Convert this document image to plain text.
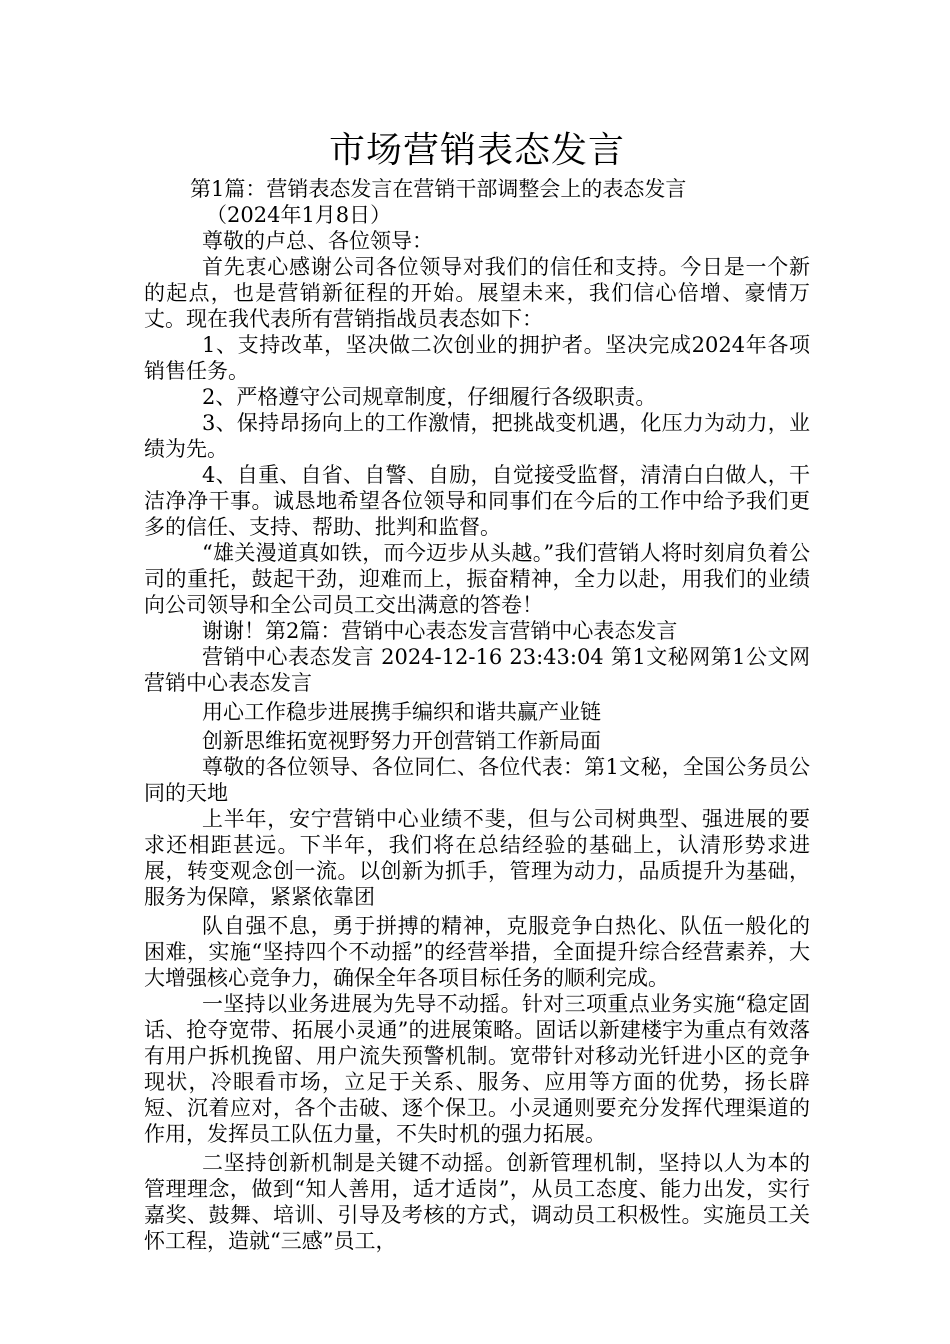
市场营销表态发言

第1篇：营销表态发言在营销干部调整会上的表态发言

（2024年1月8日）

尊敬的卢总、各位领导：

首先衷心感谢公司各位领导对我们的信任和支持。今日是一个新的起点，也是营销新征程的开始。展望未来，我们信心倍增、豪情万丈。现在我代表所有营销指战员表态如下：

1、支持改革，坚决做二次创业的拥护者。坚决完成2024年各项销售任务。

2、严格遵守公司规章制度，仔细履行各级职责。

3、保持昂扬向上的工作激情，把挑战变机遇，化压力为动力，业绩为先。

4、自重、自省、自警、自励，自觉接受监督，清清白白做人，干洁净净干事。诚恳地希望各位领导和同事们在今后的工作中给予我们更多的信任、支持、帮助、批判和监督。

“雄关漫道真如铁，而今迈步从头越。”我们营销人将时刻肩负着公司的重托，鼓起干劲，迎难而上，振奋精神，全力以赴，用我们的业绩向公司领导和全公司员工交出满意的答卷！

谢谢！第2篇：营销中心表态发言营销中心表态发言

营销中心表态发言 2024-12-16 23:43:04 第1文秘网第1公文网营销中心表态发言

用心工作稳步进展携手编织和谐共赢产业链

创新思维拓宽视野努力开创营销工作新局面

尊敬的各位领导、各位同仁、各位代表：第1文秘，全国公务员公同的天地

上半年，安宁营销中心业绩不斐，但与公司树典型、强进展的要求还相距甚远。下半年，我们将在总结经验的基础上，认清形势求进展，转变观念创一流。以创新为抓手，管理为动力，品质提升为基础，服务为保障，紧紧依靠团

队自强不息，勇于拼搏的精神，克服竞争白热化、队伍一般化的困难，实施“坚持四个不动摇”的经营举措，全面提升综合经营素养，大大增强核心竞争力，确保全年各项目标任务的顺利完成。

一坚持以业务进展为先导不动摇。针对三项重点业务实施“稳定固话、抢夺宽带、拓展小灵通”的进展策略。固话以新建楼宇为重点有效落有用户拆机挽留、用户流失预警机制。宽带针对移动光钎进小区的竞争现状，冷眼看市场，立足于关系、服务、应用等方面的优势，扬长辟短、沉着应对，各个击破、逐个保卫。小灵通则要充分发挥代理渠道的作用，发挥员工队伍力量，不失时机的强力拓展。

二坚持创新机制是关键不动摇。创新管理机制，坚持以人为本的管理理念，做到“知人善用，适才适岗”，从员工态度、能力出发，实行嘉奖、鼓舞、培训、引导及考核的方式，调动员工积极性。实施员工关怀工程，造就“三感”员工，
